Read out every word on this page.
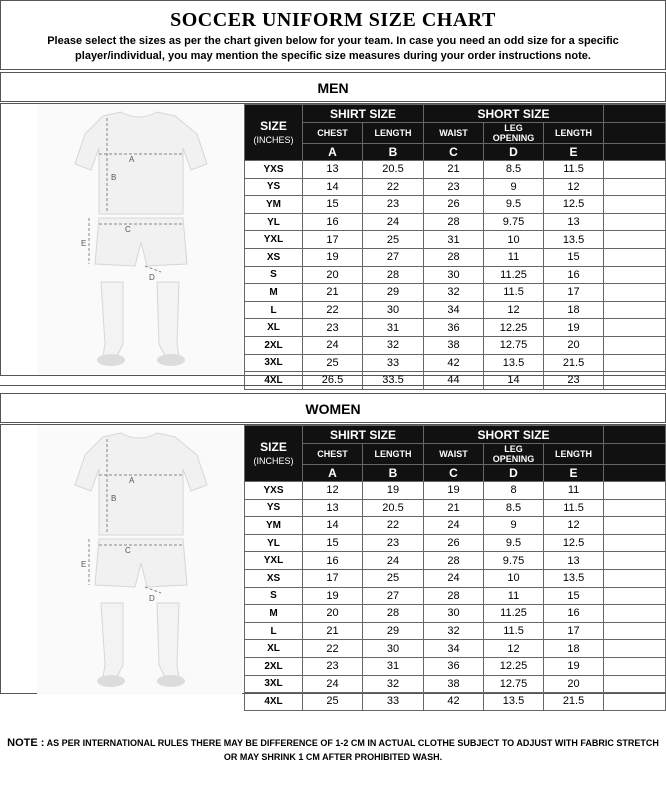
SOCCER UNIFORM SIZE CHART
Please select the sizes as per the chart given below for your team. In case you need an odd size for a specific player/individual, you may mention the specific size measures during your order instructions note.
MEN
A
B
C
D
E
SIZE
(INCHES)	SHIRT SIZE		SHORT SIZE			
	CHEST	LENGTH	WAIST	LEG OPENING	LENGTH	
	A	B	C	D	E	
YXS	13	20.5	21	8.5	11.5	
YS	14	22	23	9	12	
YM	15	23	26	9.5	12.5	
YL	16	24	28	9.75	13	
YXL	17	25	31	10	13.5	
XS	19	27	28	11	15	
S	20	28	30	11.25	16	
M	21	29	32	11.5	17	
L	22	30	34	12	18	
XL	23	31	36	12.25	19	
2XL	24	32	38	12.75	20	
3XL	25	33	42	13.5	21.5	
4XL	26.5	33.5	44	14	23	
WOMEN
A
B
C
D
E
SIZE
(INCHES)	SHIRT SIZE		SHORT SIZE			
	CHEST	LENGTH	WAIST	LEG OPENING	LENGTH	
	A	B	C	D	E	
YXS	12	19	19	8	11	
YS	13	20.5	21	8.5	11.5	
YM	14	22	24	9	12	
YL	15	23	26	9.5	12.5	
YXL	16	24	28	9.75	13	
XS	17	25	24	10	13.5	
S	19	27	28	11	15	
M	20	28	30	11.25	16	
L	21	29	32	11.5	17	
XL	22	30	34	12	18	
2XL	23	31	36	12.25	19	
3XL	24	32	38	12.75	20	
4XL	25	33	42	13.5	21.5	
NOTE : AS PER INTERNATIONAL RULES THERE MAY BE DIFFERENCE OF 1-2 CM IN ACTUAL CLOTHE SUBJECT TO ADJUST WITH FABRIC STRETCH OR MAY SHRINK 1 CM AFTER PROHIBITED WASH.
